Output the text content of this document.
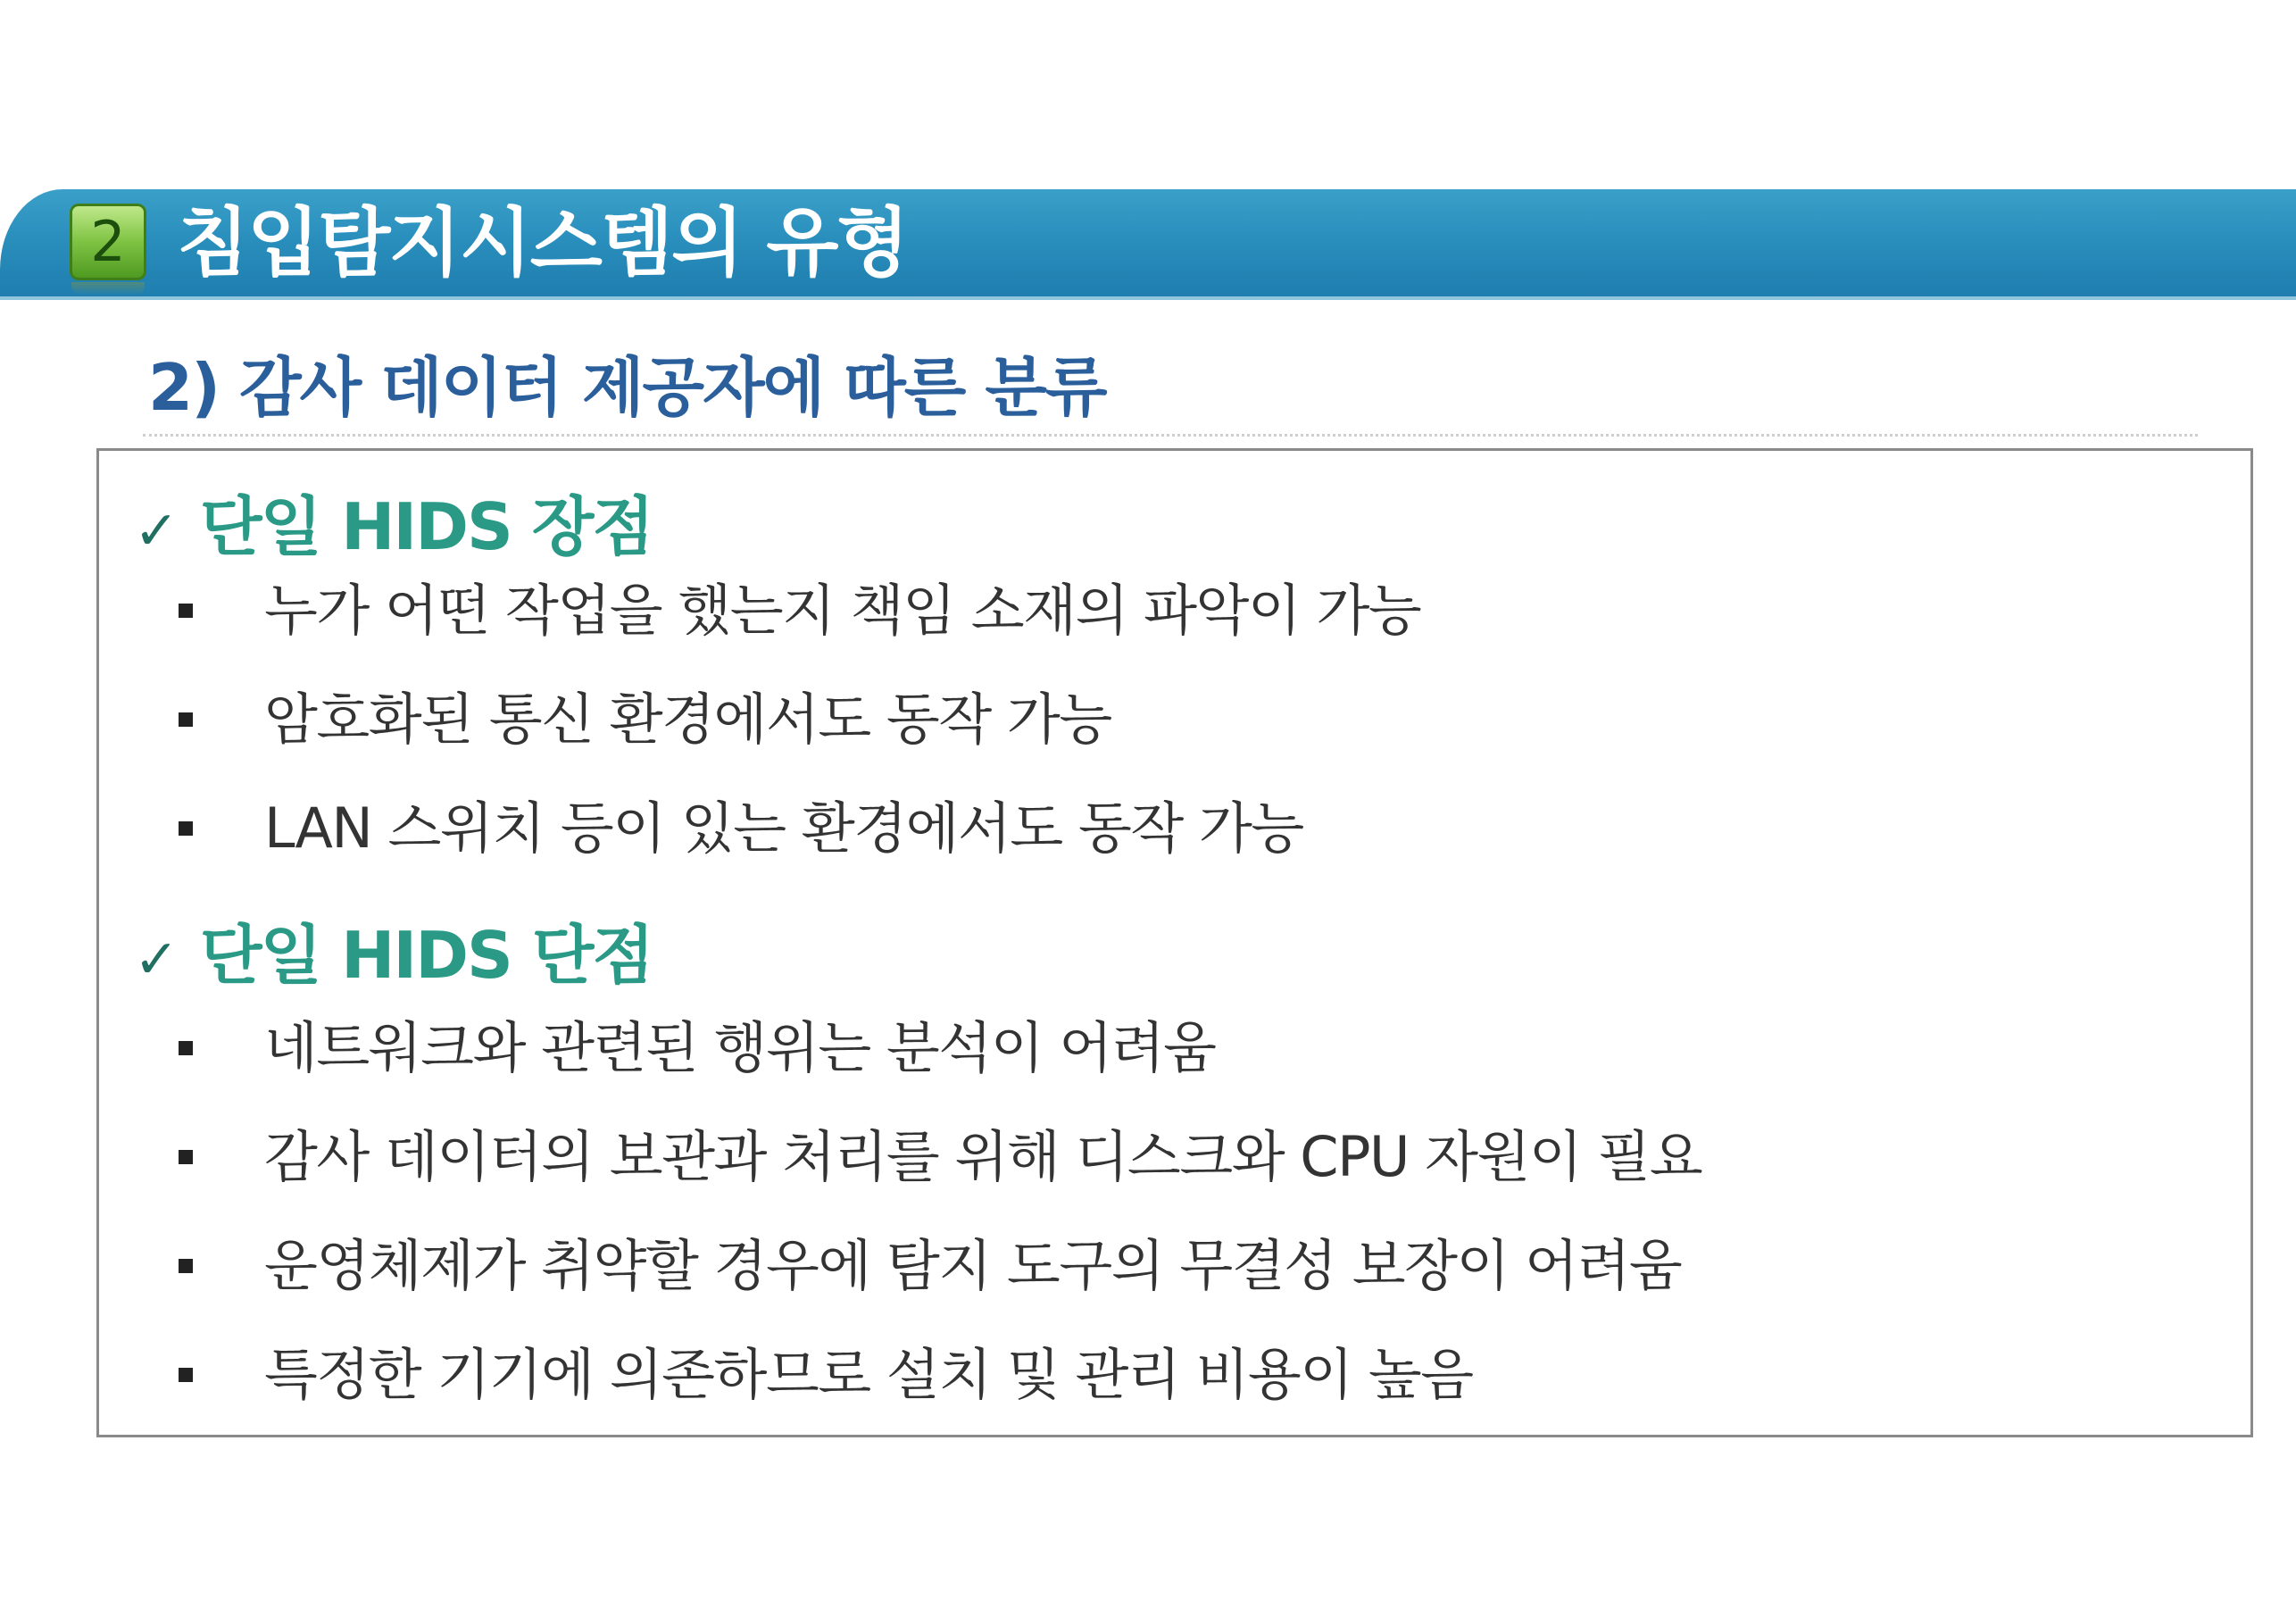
2 침입탐지시스템의 유형
2) 감사 데이터 제공자에 따른 분류
✓ 단일 HIDS 장점
누가 어떤 작업을 했는지 책임 소재의 파악이 가능
암호화된 통신 환경에서도 동작 가능
LAN 스위치 등이 있는 환경에서도 동작 가능
✓ 단일 HIDS 단점
네트워크와 관련된 행위는 분석이 어려움
감사 데이터의 보관과 처리를 위해 디스크와 CPU 자원이 필요
운영체제가 취약할 경우에 탐지 도구의 무결성 보장이 어려움
특정한 기기에 의존하므로 설치 및 관리 비용이 높음
